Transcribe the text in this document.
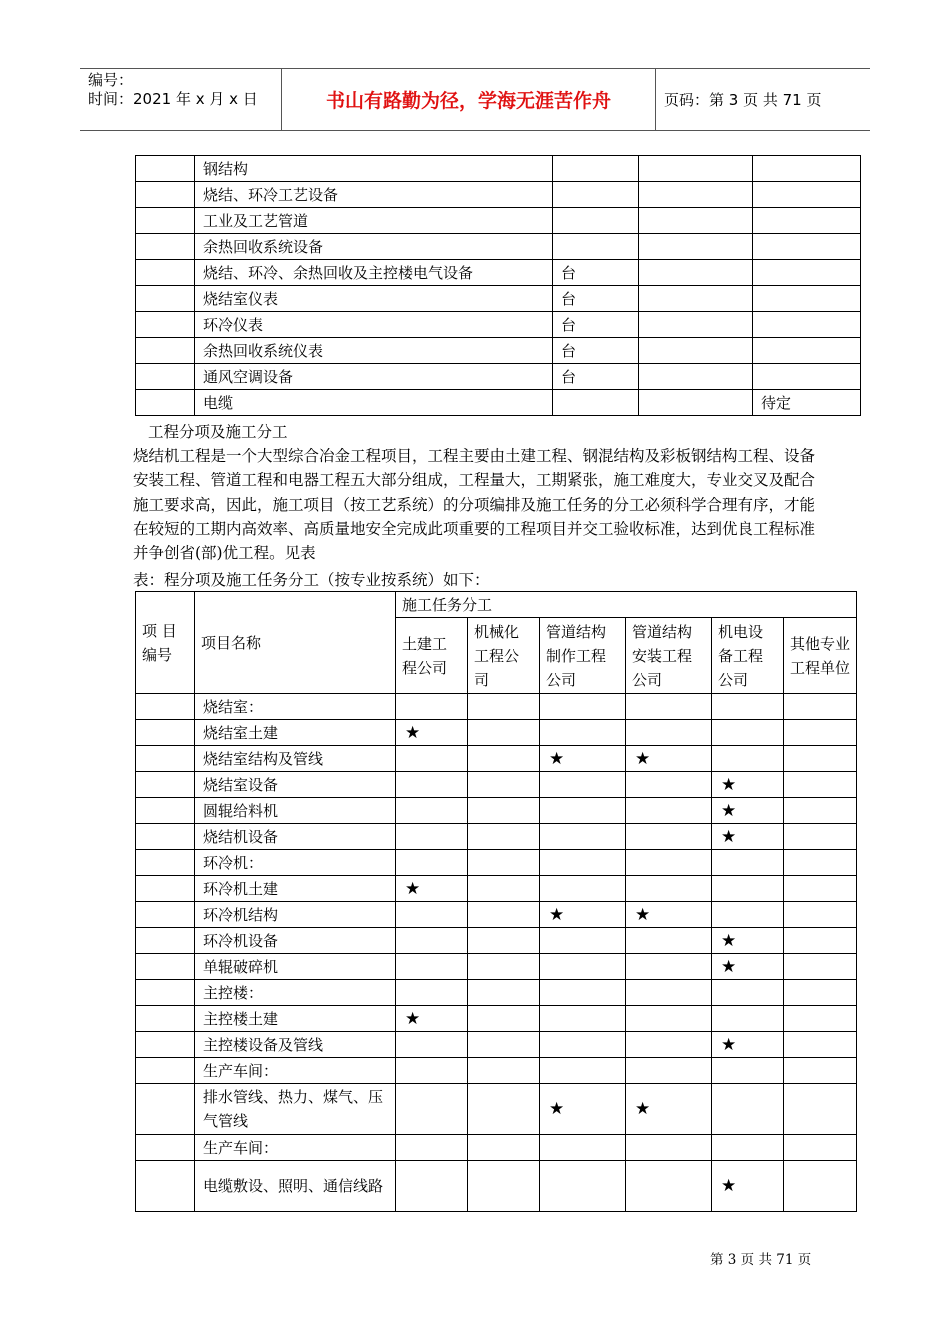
编号：
时间：2021 年 x 月 x 日	书山有路勤为径，学海无涯苦作舟	页码：第 3 页 共 71 页
	钢结构			
	烧结、环冷工艺设备			
	工业及工艺管道			
	余热回收系统设备			
	烧结、环冷、余热回收及主控楼电气设备	台		
	烧结室仪表	台		
	环冷仪表	台		
	余热回收系统仪表	台		
	通风空调设备	台		
	电缆			待定
工程分项及施工分工
烧结机工程是一个大型综合冶金工程项目，工程主要由土建工程、钢混结构及彩板钢结构工程、设备安装工程、管道工程和电器工程五大部分组成，工程量大，工期紧张，施工难度大，专业交叉及配合施工要求高，因此，施工项目（按工艺系统）的分项编排及施工任务的分工必须科学合理有序，才能在较短的工期内高效率、高质量地安全完成此项重要的工程项目并交工验收标准，达到优良工程标准并争创省(部)优工程。见表
表：程分项及施工任务分工（按专业按系统）如下：
项 目编号	项目名称	施工任务分工					
		土建工程公司	机械化工程公司	管道结构制作工程公司	管道结构安装工程公司	机电设备工程公司	其他专业工程单位
	烧结室：						
	烧结室土建	★					
	烧结室结构及管线			★	★		
	烧结室设备					★	
	圆辊给料机					★	
	烧结机设备					★	
	环冷机：						
	环冷机土建	★					
	环冷机结构			★	★		
	环冷机设备					★	
	单辊破碎机					★	
	主控楼：						
	主控楼土建	★					
	主控楼设备及管线					★	
	生产车间：						
	排水管线、热力、煤气、压气管线			★	★		
	生产车间：						
	电缆敷设、照明、通信线路					★	
第 3 页 共 71 页
